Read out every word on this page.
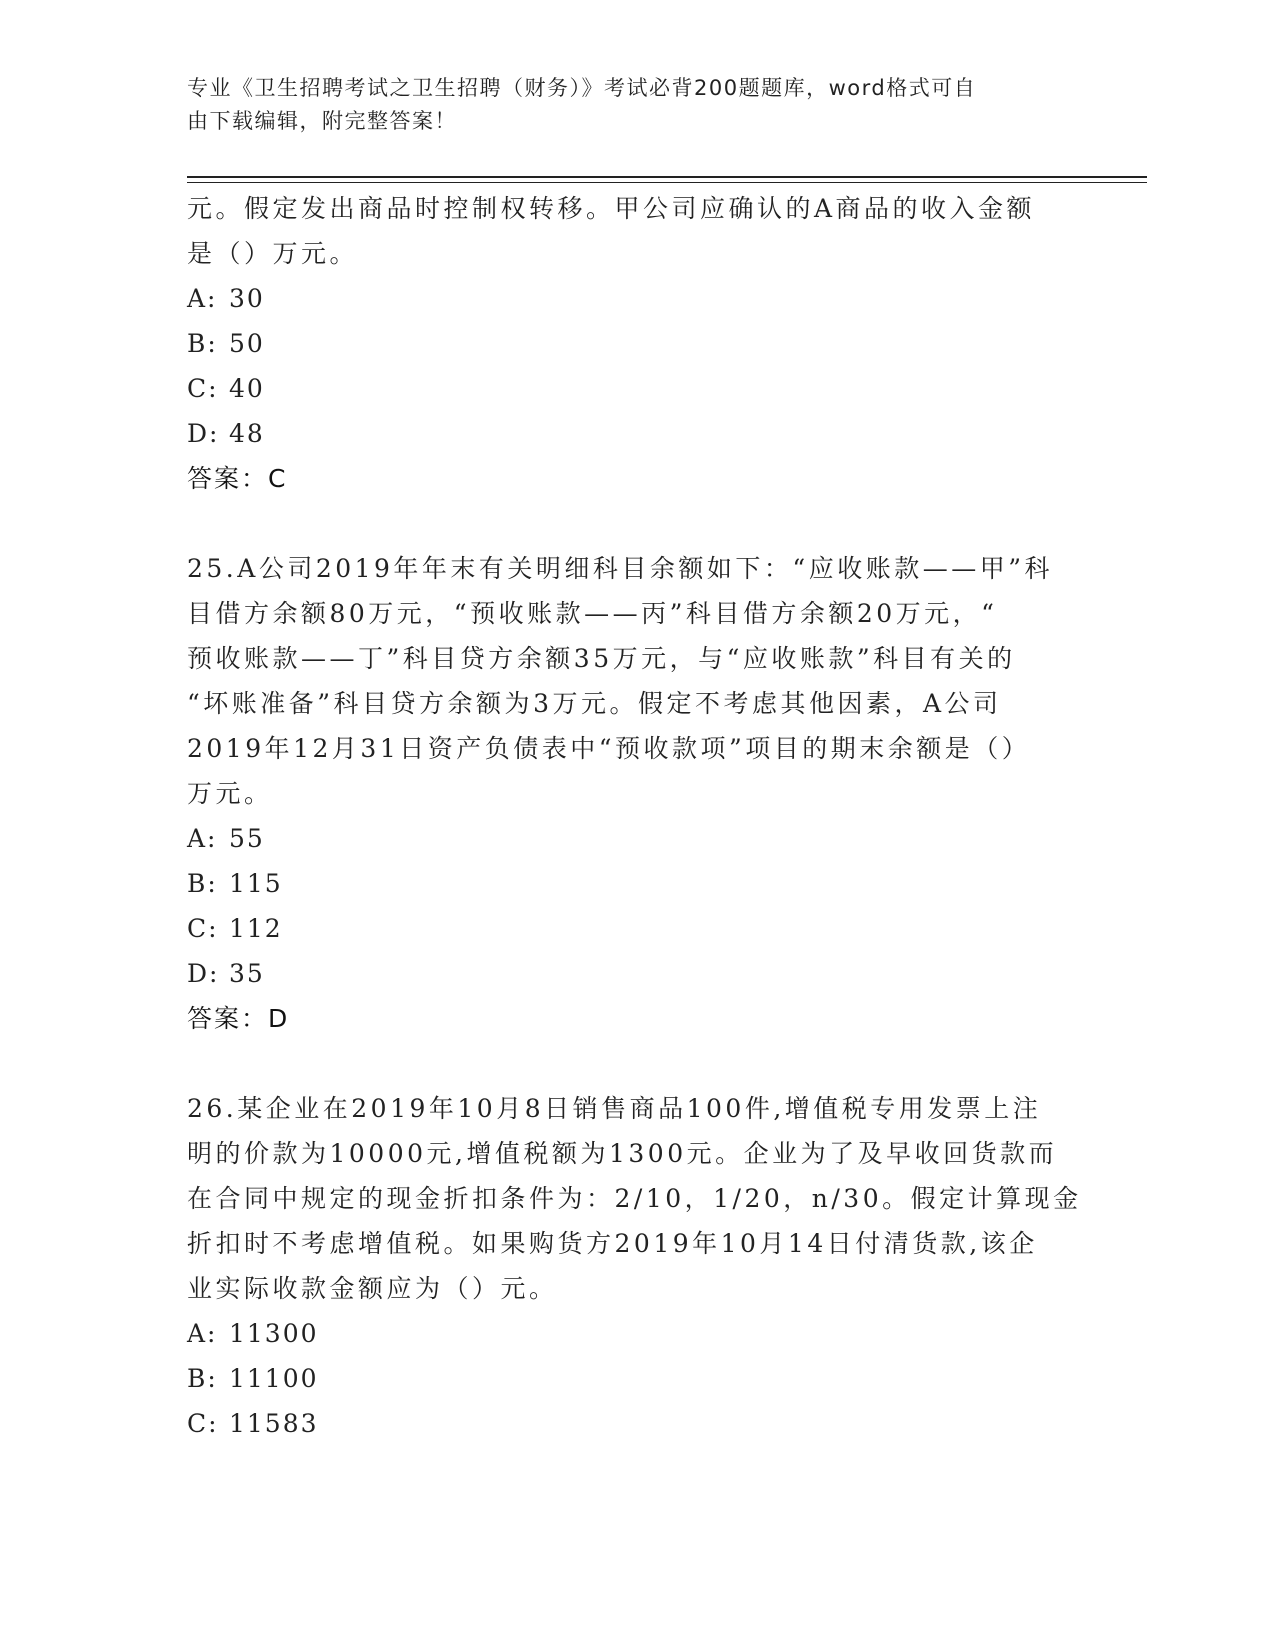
专业《卫生招聘考试之卫生招聘（财务）》考试必背200题题库，word格式可自
由下载编辑，附完整答案！

元。假定发出商品时控制权转移。甲公司应确认的A商品的收入金额

是（）万元。

A: 30

B: 50

C: 40

D: 48

答案：C

25.A公司2019年年末有关明细科目余额如下：“应收账款——甲”科

目借方余额80万元，“预收账款——丙”科目借方余额20万元，“

预收账款——丁”科目贷方余额35万元，与“应收账款”科目有关的

“坏账准备”科目贷方余额为3万元。假定不考虑其他因素，A公司

2019年12月31日资产负债表中“预收款项”项目的期末余额是（）

万元。

A: 55

B: 115

C: 112

D: 35

答案：D

26.某企业在2019年10月8日销售商品100件,增值税专用发票上注

明的价款为10000元,增值税额为1300元。企业为了及早收回货款而

在合同中规定的现金折扣条件为：2/10，1/20，n/30。假定计算现金

折扣时不考虑增值税。如果购货方2019年10月14日付清货款,该企

业实际收款金额应为（）元。

A: 11300

B: 11100

C: 11583
